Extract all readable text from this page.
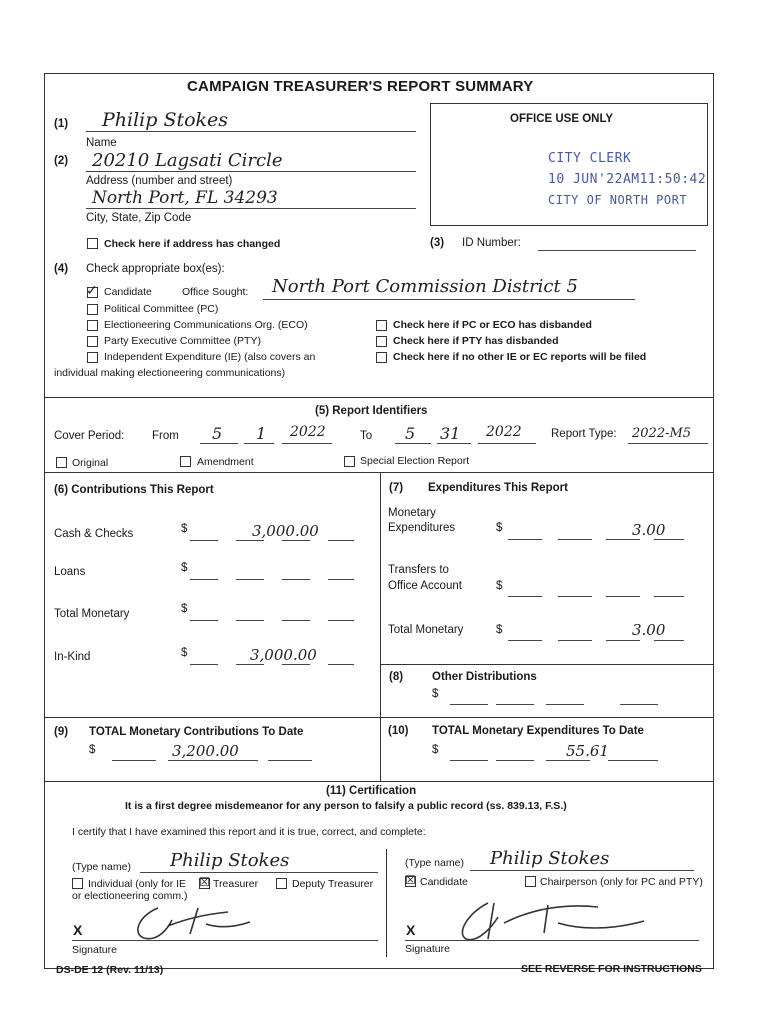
CAMPAIGN TREASURER'S REPORT SUMMARY
OFFICE USE ONLY
CITY CLERK
10 JUN'22AM11:50:42
CITY OF NORTH PORT
(1) Philip Stokes
Name
(2) 20210 Lagsati Circle
Address (number and street)
North Port, FL 34293
City, State, Zip Code
Check here if address has changed	(3) ID Number:
(4) Check appropriate box(es):
✓ Candidate	Office Sought: North Port Commission District 5
Political Committee (PC)
Electioneering Communications Org. (ECO)
Party Executive Committee (PTY)
Independent Expenditure (IE) (also covers an
individual making electioneering communications)
Check here if PC or ECO has disbanded
Check here if PTY has disbanded
Check here if no other IE or EC reports will be filed
(5) Report Identifiers
Cover Period: From 5 1 2022	To 5 31 2022	Report Type: 2022-M5
Original	Amendment	Special Election Report
(6) Contributions This Report
Cash & Checks	$	3,000.00
Loans	$
Total Monetary	$
In-Kind	$	3,000.00
(7) Expenditures This Report
Monetary
Expenditures	$	3.00
Transfers to
Office Account	$
Total Monetary	$	3.00
(8)	Other Distributions
$
(9) TOTAL Monetary Contributions To Date
$	3,200.00
(10) TOTAL Monetary Expenditures To Date
$	55.61
(11) Certification
It is a first degree misdemeanor for any person to falsify a public record (ss. 839.13, F.S.)
I certify that I have examined this report and it is true, correct, and complete:
(Type name) Philip Stokes
Individual (only for IE
or electioneering comm.)
☒ Treasurer	Deputy Treasurer
X
Signature
(Type name) Philip Stokes
☒ Candidate	Chairperson (only for PC and PTY)
X
Signature
DS-DE 12 (Rev. 11/13)	SEE REVERSE FOR INSTRUCTIONS
